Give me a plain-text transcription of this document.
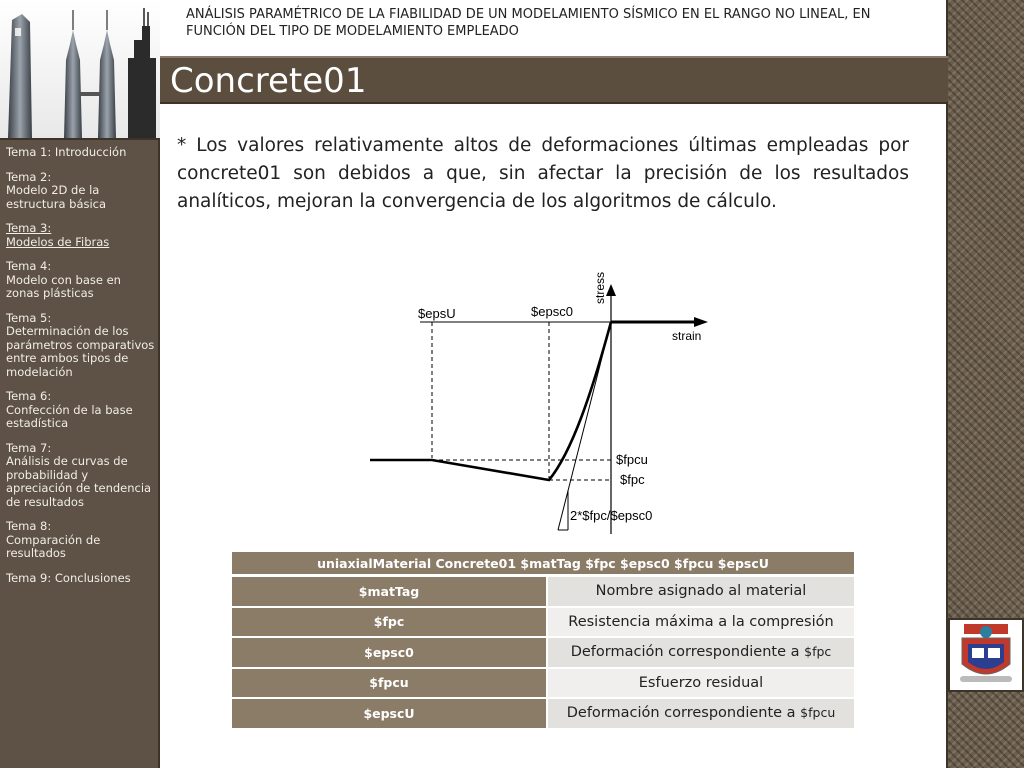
Tema 1: Introducción
Tema 2:
Modelo 2D de la estructura básica
Tema 3:
Modelos de Fibras
Tema 4:
Modelo con base en zonas plásticas
Tema 5:
Determinación de los parámetros comparativos entre ambos tipos de modelación
Tema 6:
Confección de la base estadística
Tema 7:
Análisis de curvas de probabilidad y apreciación de tendencia de resultados
Tema 8:
Comparación de resultados
Tema 9: Conclusiones
ANÁLISIS PARAMÉTRICO DE LA FIABILIDAD DE UN MODELAMIENTO SÍSMICO EN EL RANGO NO LINEAL, EN FUNCIÓN DEL TIPO DE MODELAMIENTO EMPLEADO
Concrete01

* Los valores relativamente altos de deformaciones últimas empleadas por concrete01 son debidos a que, sin afectar la precisión de los resultados analíticos, mejoran la convergencia de los algoritmos de cálculo.

stress
strain
$epsU	$epsc0
$fpcu
$fpc
2*$fpc/$epsc0
uniaxialMaterial Concrete01 $matTag $fpc $epsc0 $fpcu $epscU	
$matTag	Nombre asignado al material
$fpc	Resistencia máxima a la compresión
$epsc0	Deformación correspondiente a $fpc
$fpcu	Esfuerzo residual
$epscU	Deformación correspondiente a $fpcu
